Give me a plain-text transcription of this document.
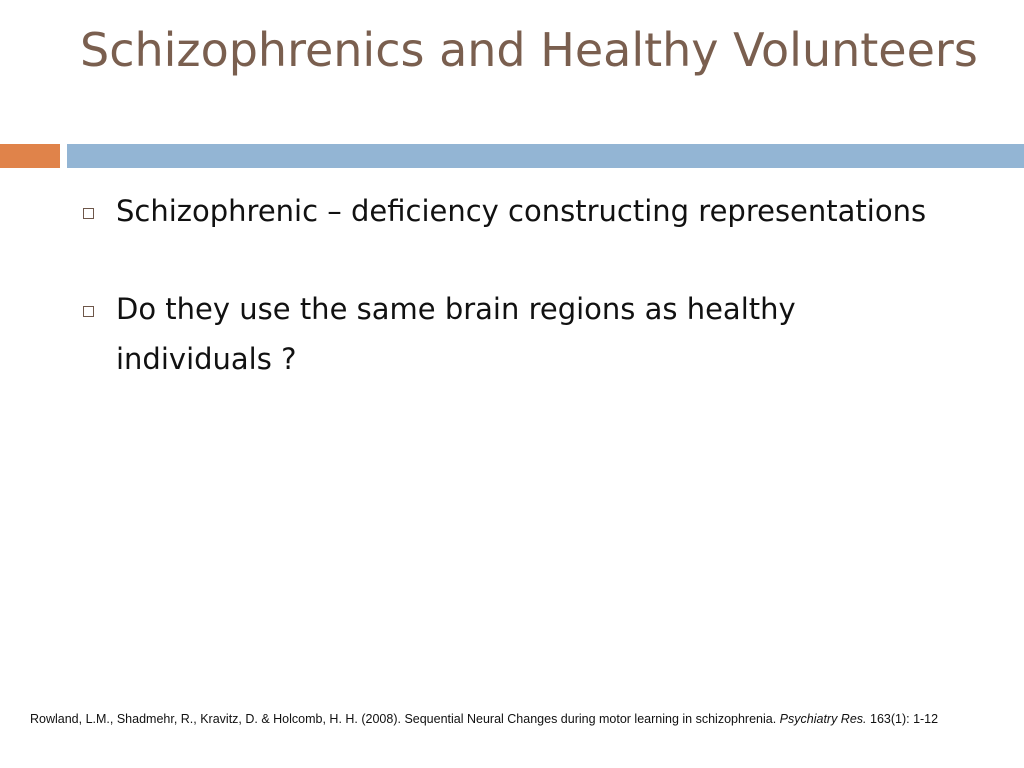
Schizophrenics and Healthy Volunteers
Schizophrenic – deficiency constructing representations
Do they use the same brain regions as healthy individuals ?
Rowland, L.M., Shadmehr, R., Kravitz, D. & Holcomb, H. H. (2008). Sequential Neural Changes during motor learning in schizophrenia. Psychiatry Res. 163(1): 1-12
